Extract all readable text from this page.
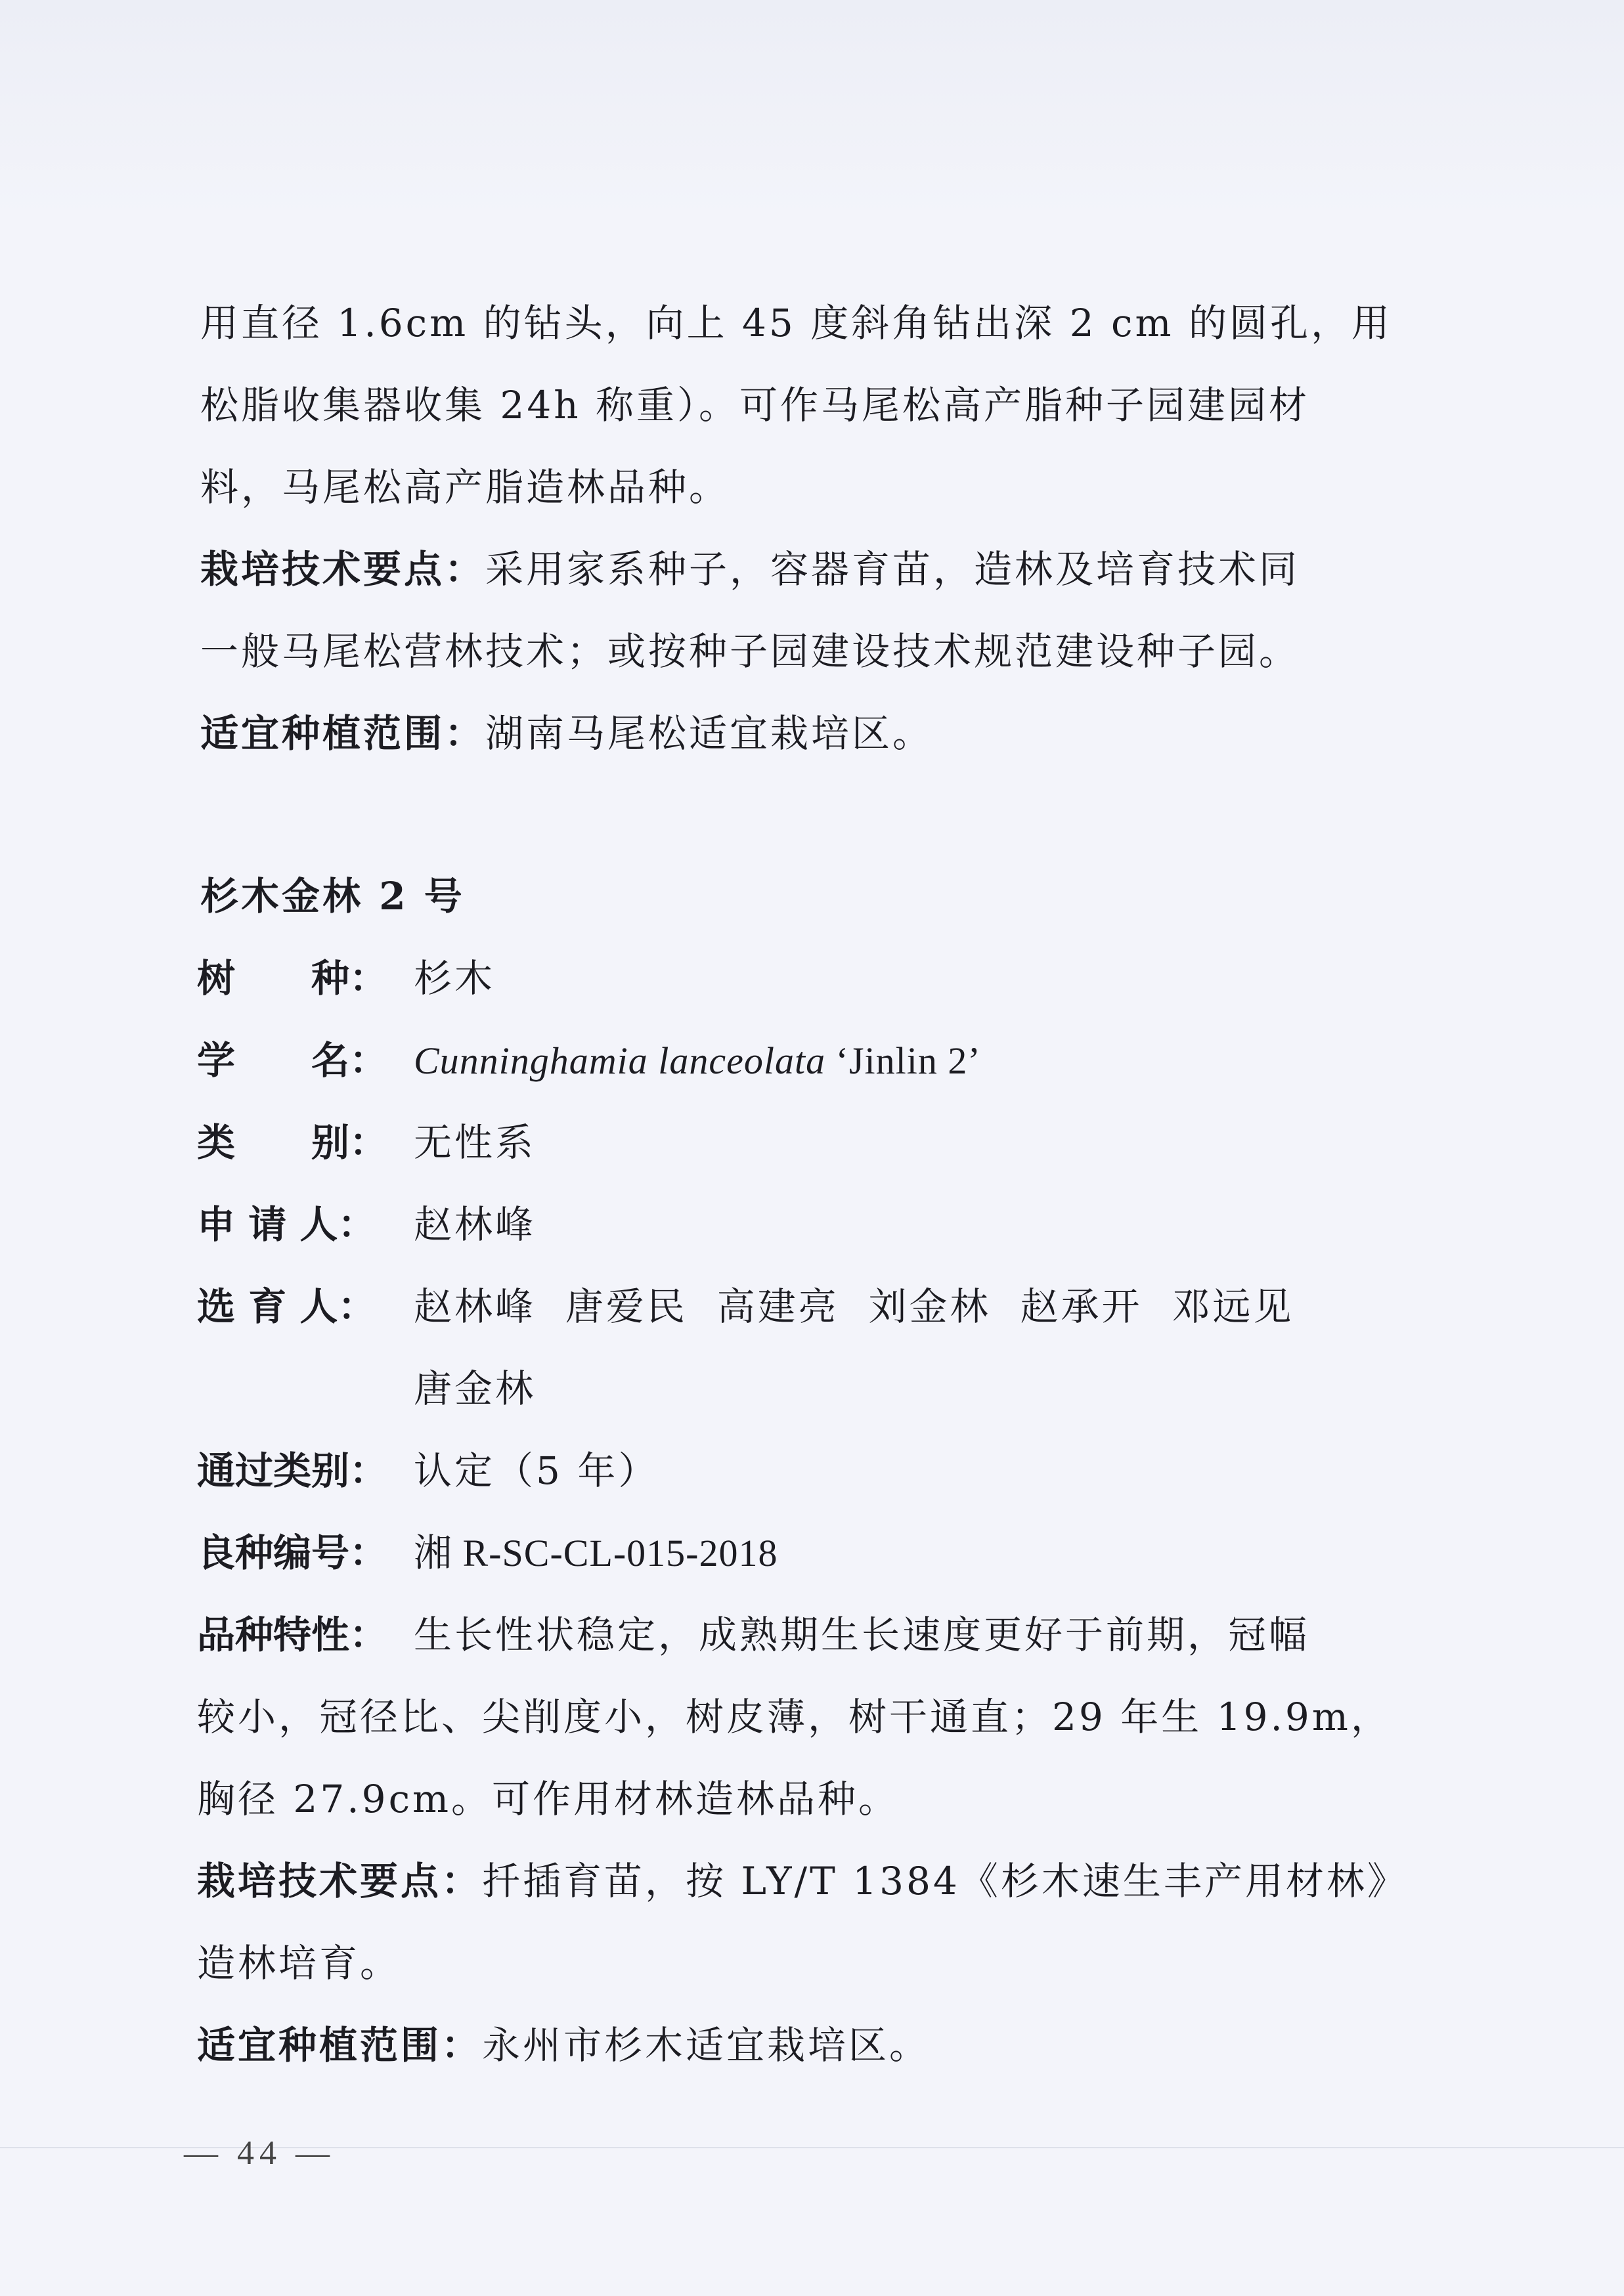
用直径 1.6cm 的钻头，向上 45 度斜角钻出深 2 cm 的圆孔，用
松脂收集器收集 24h 称重）。可作马尾松高产脂种子园建园材
料，马尾松高产脂造林品种。
栽培技术要点：采用家系种子，容器育苗，造林及培育技术同
一般马尾松营林技术；或按种子园建设技术规范建设种子园。
适宜种植范围：湖南马尾松适宜栽培区。
杉木金林 2 号
树　　种： 杉木
学　　名： Cunninghamia lanceolata ‘Jinlin 2’
类　　别： 无性系
申 请 人： 赵林峰
选 育 人： 赵林峰  唐爱民  高建亮  刘金林  赵承开  邓远见
唐金林
通过类别： 认定（5 年）
良种编号： 湘 R-SC-CL-015-2018
品种特性： 生长性状稳定，成熟期生长速度更好于前期，冠幅
较小，冠径比、尖削度小，树皮薄，树干通直；29 年生 19.9m，
胸径 27.9cm。可作用材林造林品种。
栽培技术要点：扦插育苗，按 LY/T 1384《杉木速生丰产用材林》
造林培育。
适宜种植范围：永州市杉木适宜栽培区。
— 44 —
